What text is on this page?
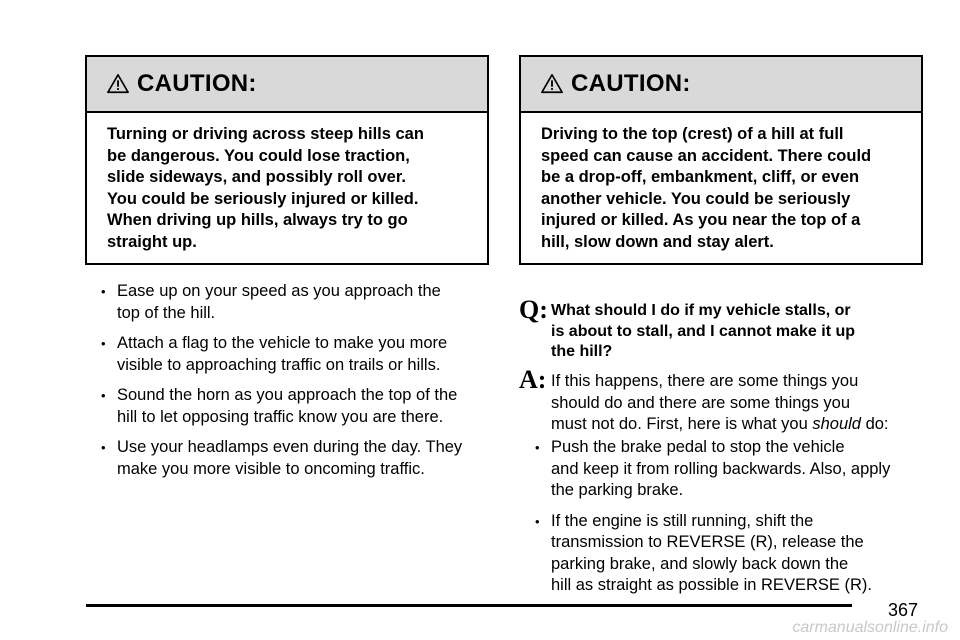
CAUTION:
Turning or driving across steep hills can
be dangerous. You could lose traction,
slide sideways, and possibly roll over.
You could be seriously injured or killed.
When driving up hills, always try to go
straight up.
• Ease up on your speed as you approach the
top of the hill.
• Attach a flag to the vehicle to make you more
visible to approaching traffic on trails or hills.
• Sound the horn as you approach the top of the
hill to let opposing traffic know you are there.
• Use your headlamps even during the day. They
make you more visible to oncoming traffic.
CAUTION:
Driving to the top (crest) of a hill at full
speed can cause an accident. There could
be a drop-off, embankment, cliff, or even
another vehicle. You could be seriously
injured or killed. As you near the top of a
hill, slow down and stay alert.
Q: What should I do if my vehicle stalls, or
is about to stall, and I cannot make it up
the hill?
A: If this happens, there are some things you
should do and there are some things you
must not do. First, here is what you should do:
• Push the brake pedal to stop the vehicle
and keep it from rolling backwards. Also, apply
the parking brake.
• If the engine is still running, shift the
transmission to REVERSE (R), release the
parking brake, and slowly back down the
hill as straight as possible in REVERSE (R).
367
carmanualsonline.info
